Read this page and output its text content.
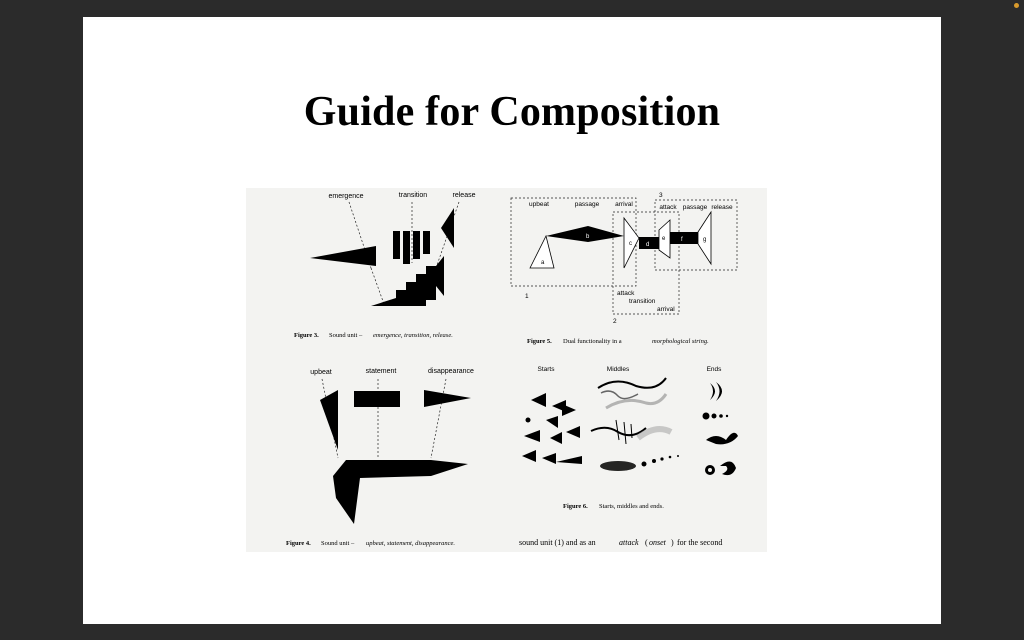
Guide for Composition
emergence	transition	release
Figure 3. Sound unit – emergence, transition, release.
upbeat	passage arrival	attack passage release
1
2
3
a
b
c d
e	f	g
attack
transition
arrival
Figure 5. Dual functionality in a	morphological string.
upbeat	statement	disappearance
Figure 4. Sound unit – upbeat, statement, disappearance.
Starts	Middles	Ends
Figure 6. Starts, middles and ends.
sound unit (1) and as an	attack ( onset ) for the second
